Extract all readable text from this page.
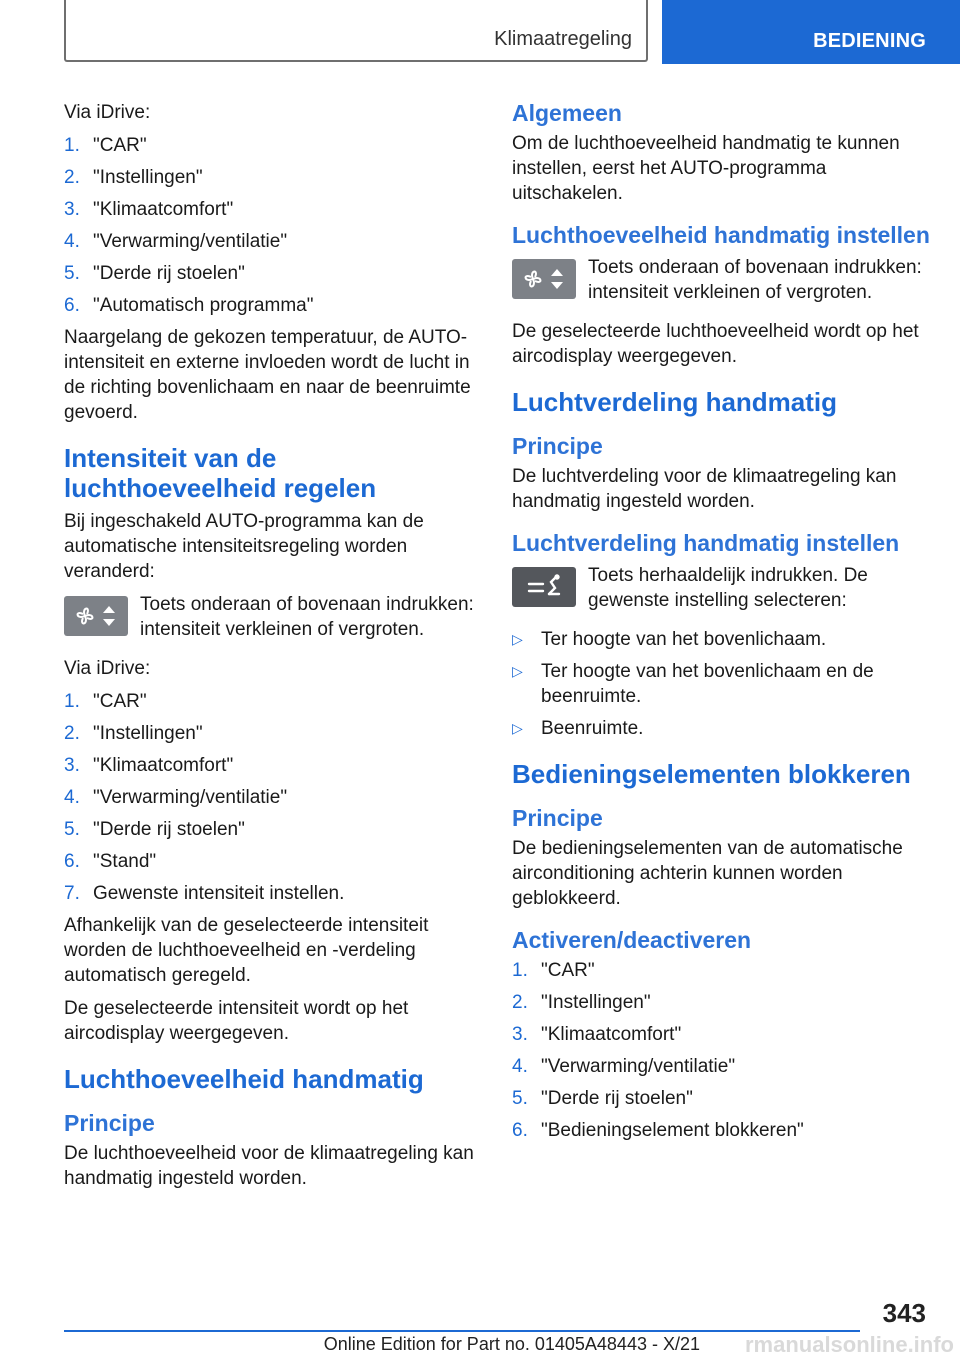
Klimaatregeling	BEDIENING

Via iDrive:

1. "CAR"
2. "Instellingen"
3. "Klimaatcomfort"
4. "Verwarming/ventilatie"
5. "Derde rij stoelen"
6. "Automatisch programma"

Naargelang de gekozen temperatuur, de AUTO-intensiteit en externe invloeden wordt de lucht in de richting bovenlichaam en naar de beenruimte gevoerd.

Intensiteit van de luchthoeveelheid regelen

Bij ingeschakeld AUTO-programma kan de automatische intensiteitsregeling worden veranderd:

Toets onderaan of bovenaan indrukken: intensiteit verkleinen of vergroten.

Via iDrive:

1. "CAR"
2. "Instellingen"
3. "Klimaatcomfort"
4. "Verwarming/ventilatie"
5. "Derde rij stoelen"
6. "Stand"
7. Gewenste intensiteit instellen.

Afhankelijk van de geselecteerde intensiteit worden de luchthoeveelheid en -verdeling automatisch geregeld.

De geselecteerde intensiteit wordt op het aircodisplay weergegeven.

Luchthoeveelheid handmatig
Principe

De luchthoeveelheid voor de klimaatregeling kan handmatig ingesteld worden.

Algemeen

Om de luchthoeveelheid handmatig te kunnen instellen, eerst het AUTO-programma uitschakelen.

Luchthoeveelheid handmatig instellen

Toets onderaan of bovenaan indrukken: intensiteit verkleinen of vergroten.

De geselecteerde luchthoeveelheid wordt op het aircodisplay weergegeven.

Luchtverdeling handmatig
Principe

De luchtverdeling voor de klimaatregeling kan handmatig ingesteld worden.

Luchtverdeling handmatig instellen

Toets herhaaldelijk indrukken. De gewenste instelling selecteren:

▷ Ter hoogte van het bovenlichaam.
▷ Ter hoogte van het bovenlichaam en de beenruimte.
▷ Beenruimte.
Bedieningselementen blokkeren
Principe

De bedieningselementen van de automatische airconditioning achterin kunnen worden geblokkeerd.

Activeren/deactiveren
1. "CAR"
2. "Instellingen"
3. "Klimaatcomfort"
4. "Verwarming/ventilatie"
5. "Derde rij stoelen"
6. "Bedieningselement blokkeren"
343
Online Edition for Part no. 01405A48443 - X/21 rmanualsonline.info
